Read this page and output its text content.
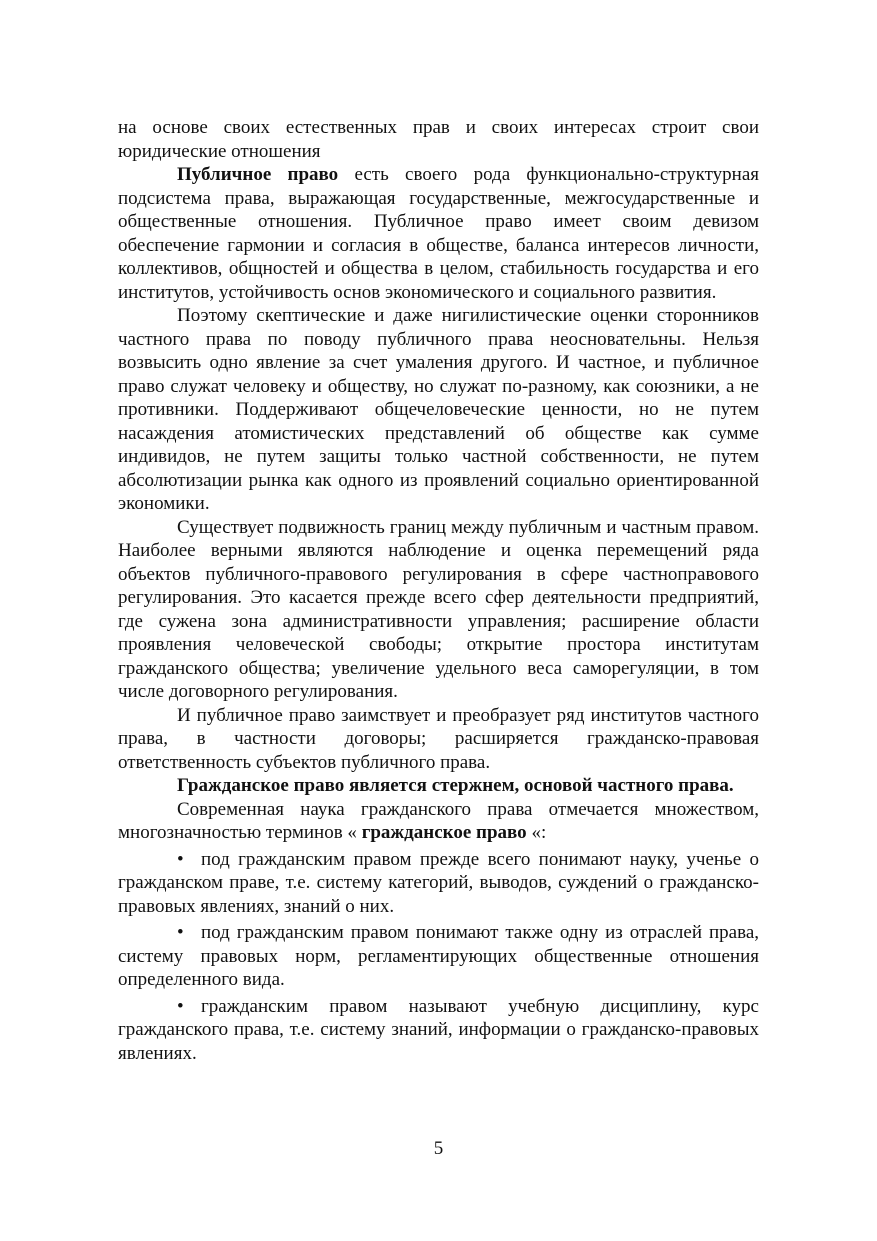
на основе своих естественных прав и своих интересах строит свои юридические отношения

Публичное право есть своего рода функционально-структурная подсистема права, выражающая государственные, межгосударственные и общественные отношения. Публичное право имеет своим девизом обеспечение гармонии и согласия в обществе, баланса интересов личности, коллективов, общностей и общества в целом, стабильность государства и его институтов, устойчивость основ экономического и социального развития.

Поэтому скептические и даже нигилистические оценки сторонников частного права по поводу публичного права неосновательны. Нельзя возвысить одно явление за счет умаления другого. И частное, и публичное право служат человеку и обществу, но служат по-разному, как союзники, а не противники. Поддерживают общечеловеческие ценности, но не путем насаждения атомистических представлений об обществе как сумме индивидов, не путем защиты только частной собственности, не путем абсолютизации рынка как одного из проявлений социально ориентированной экономики.

Существует подвижность границ между публичным и частным правом. Наиболее верными являются наблюдение и оценка перемещений ряда объектов публичного-правового регулирования в сфере частноправового регулирования. Это касается прежде всего сфер деятельности предприятий, где сужена зона административности управления; расширение области проявления человеческой свободы; открытие простора институтам гражданского общества; увеличение удельного веса саморегуляции, в том числе договорного регулирования.

И публичное право заимствует и преобразует ряд институтов частного права, в частности договоры; расширяется гражданско-правовая ответственность субъектов публичного права.

Гражданское право является стержнем, основой частного права.

Современная наука гражданского права отмечается множеством, многозначностью терминов « гражданское право «:

• под гражданским правом прежде всего понимают науку, ученье о гражданском праве, т.е. систему категорий, выводов, суждений о гражданско-правовых явлениях, знаний о них.

• под гражданским правом понимают также одну из отраслей права, систему правовых норм, регламентирующих общественные отношения определенного вида.

• гражданским правом называют учебную дисциплину, курс гражданского права, т.е. систему знаний, информации о гражданско-правовых явлениях.

5
